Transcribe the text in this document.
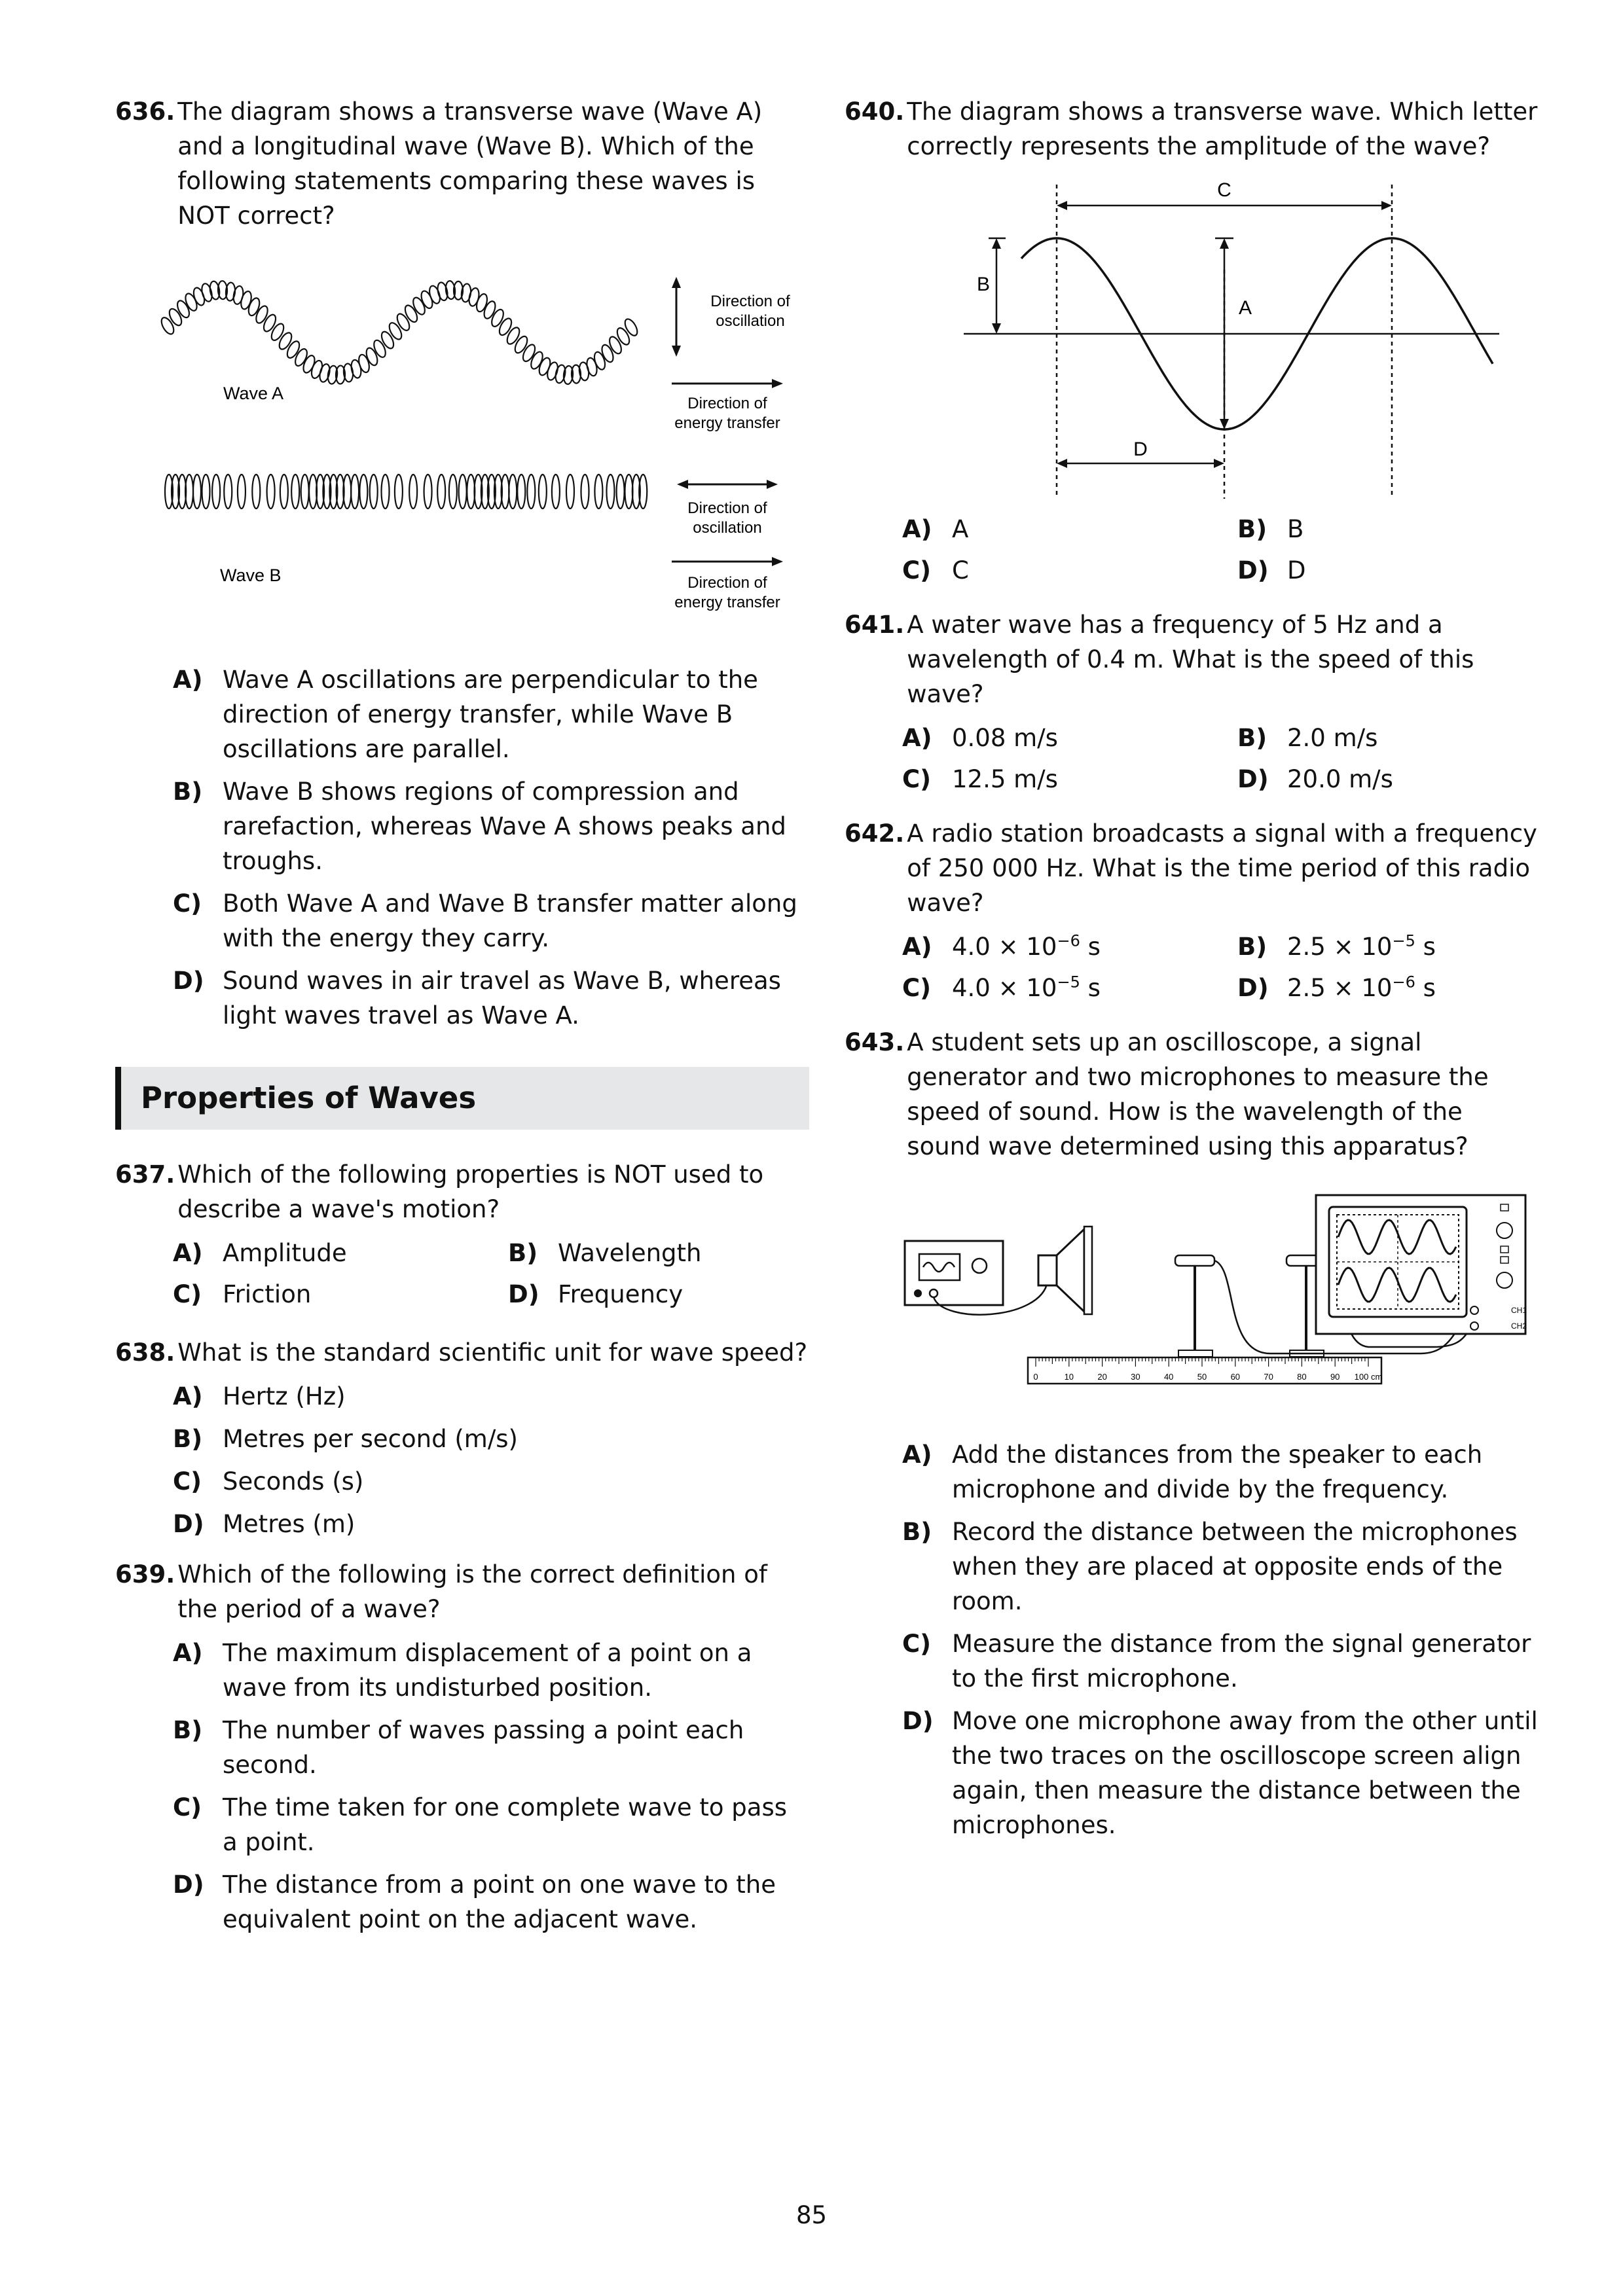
636. The diagram shows a transverse wave (Wave A) and a longitudinal wave (Wave B). Which of the following statements comparing these waves is NOT correct?
Wave A
Direction of
oscillation
Direction of
energy transfer
Wave B
Direction of
oscillation
Direction of
energy transfer
A) Wave A oscillations are perpendicular to the direction of energy transfer, while Wave B oscillations are parallel.
B) Wave B shows regions of compression and rarefaction, whereas Wave A shows peaks and troughs.
C) Both Wave A and Wave B transfer matter along with the energy they carry.
D) Sound waves in air travel as Wave B, whereas light waves travel as Wave A.
Properties of Waves
637. Which of the following properties is NOT used to describe a wave's motion?
A) Amplitude	B) Wavelength
C) Friction	D) Frequency
638. What is the standard scientific unit for wave speed?
A) Hertz (Hz)
B) Metres per second (m/s)
C) Seconds (s)
D) Metres (m)
639. Which of the following is the correct definition of the period of a wave?
A) The maximum displacement of a point on a wave from its undisturbed position.
B) The number of waves passing a point each second.
C) The time taken for one complete wave to pass a point.
D) The distance from a point on one wave to the equivalent point on the adjacent wave.
640. The diagram shows a transverse wave. Which letter correctly represents the amplitude of the wave?
C
B
A
D
A) A	B) B
C) C	D) D
641. A water wave has a frequency of 5 Hz and a wavelength of 0.4 m. What is the speed of this wave?
A) 0.08 m/s	B) 2.0 m/s
C) 12.5 m/s	D) 20.0 m/s
642. A radio station broadcasts a signal with a frequency of 250 000 Hz. What is the time period of this radio wave?
A) $4.0 \times 10^{-6}$ s	B) $2.5 \times 10^{-5}$ s
C) $4.0 \times 10^{-5}$ s	D) $2.5 \times 10^{-6}$ s
643. A student sets up an oscilloscope, a signal generator and two microphones to measure the speed of sound. How is the wavelength of the sound wave determined using this apparatus?
CH1
CH2
0	10	20	30	40	50	60	70	80	90 100 cm
A) Add the distances from the speaker to each microphone and divide by the frequency.
B) Record the distance between the microphones when they are placed at opposite ends of the room.
C) Measure the distance from the signal generator to the first microphone.
D) Move one microphone away from the other until the two traces on the oscilloscope screen align again, then measure the distance between the microphones.
85
